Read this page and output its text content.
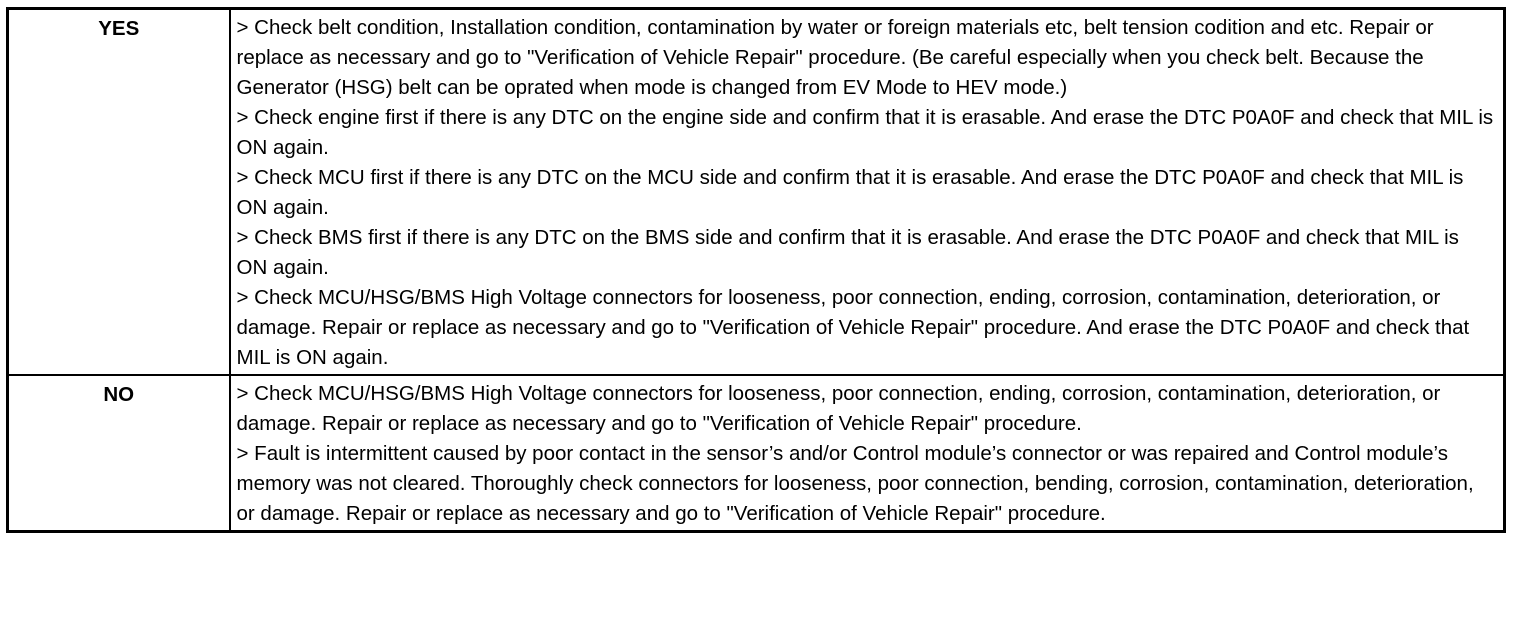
YES	> Check belt condition, Installation condition, contamination by water or foreign materials etc, belt tension codition and etc. Repair or replace as necessary and go to "Verification of Vehicle Repair" procedure. (Be careful especially when you check belt. Because the Generator (HSG) belt can be oprated when mode is changed from EV Mode to HEV mode.)
> Check engine first if there is any DTC on the engine side and confirm that it is erasable. And erase the DTC P0A0F and check that MIL is ON again.
> Check MCU first if there is any DTC on the MCU side and confirm that it is erasable. And erase the DTC P0A0F and check that MIL is ON again.
> Check BMS first if there is any DTC on the BMS side and confirm that it is erasable. And erase the DTC P0A0F and check that MIL is ON again.
> Check MCU/HSG/BMS High Voltage connectors for looseness, poor connection, ending, corrosion, contamination, deterioration, or damage. Repair or replace as necessary and go to "Verification of Vehicle Repair" procedure. And erase the DTC P0A0F and check that MIL is ON again.

NO	> Check MCU/HSG/BMS High Voltage connectors for looseness, poor connection, ending, corrosion, contamination, deterioration, or damage. Repair or replace as necessary and go to "Verification of Vehicle Repair" procedure.
> Fault is intermittent caused by poor contact in the sensor’s and/or Control module’s connector or was repaired and Control module’s memory was not cleared. Thoroughly check connectors for looseness, poor connection, bending, corrosion, contamination, deterioration, or damage. Repair or replace as necessary and go to "Verification of Vehicle Repair" procedure.
